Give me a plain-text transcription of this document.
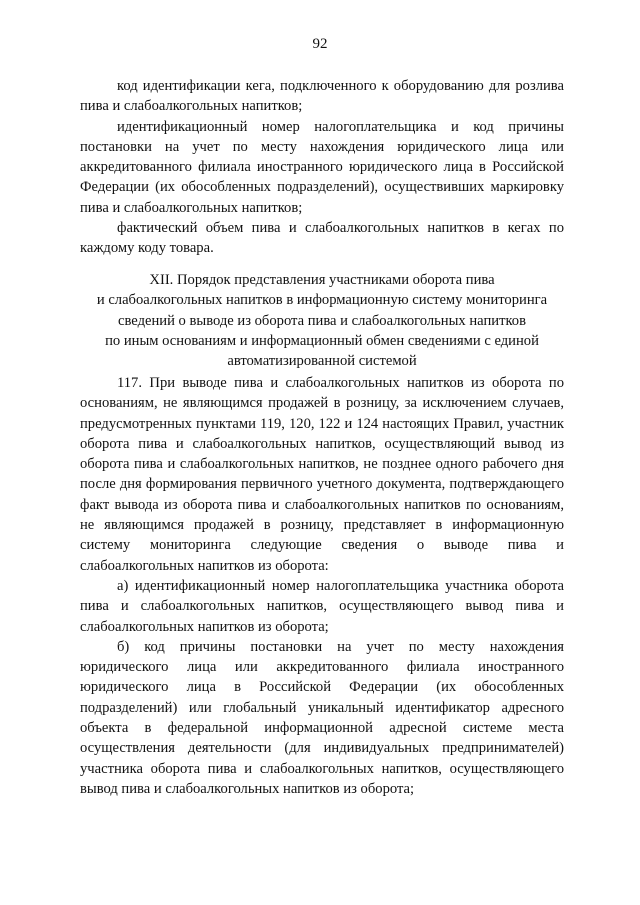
92

код идентификации кега, подключенного к оборудованию для розлива пива и слабоалкогольных напитков;

идентификационный номер налогоплательщика и код причины постановки на учет по месту нахождения юридического лица или аккредитованного филиала иностранного юридического лица в Российской Федерации (их обособленных подразделений), осуществивших маркировку пива и слабоалкогольных напитков;

фактический объем пива и слабоалкогольных напитков в кегах по каждому коду товара.

XII. Порядок представления участниками оборота пива
и слабоалкогольных напитков в информационную систему мониторинга
сведений о выводе из оборота пива и слабоалкогольных напитков
по иным основаниям и информационный обмен сведениями с единой
автоматизированной системой

117. При выводе пива и слабоалкогольных напитков из оборота по основаниям, не являющимся продажей в розницу, за исключением случаев, предусмотренных пунктами 119, 120, 122 и 124 настоящих Правил, участник оборота пива и слабоалкогольных напитков, осуществляющий вывод из оборота пива и слабоалкогольных напитков, не позднее одного рабочего дня после дня формирования первичного учетного документа, подтверждающего факт вывода из оборота пива и слабоалкогольных напитков по основаниям, не являющимся продажей в розницу, представляет в информационную систему мониторинга следующие сведения о выводе пива и слабоалкогольных напитков из оборота:

а) идентификационный номер налогоплательщика участника оборота пива и слабоалкогольных напитков, осуществляющего вывод пива и слабоалкогольных напитков из оборота;

б) код причины постановки на учет по месту нахождения юридического лица или аккредитованного филиала иностранного юридического лица в Российской Федерации (их обособленных подразделений) или глобальный уникальный идентификатор адресного объекта в федеральной информационной адресной системе места осуществления деятельности (для индивидуальных предпринимателей) участника оборота пива и слабоалкогольных напитков, осуществляющего вывод пива и слабоалкогольных напитков из оборота;
